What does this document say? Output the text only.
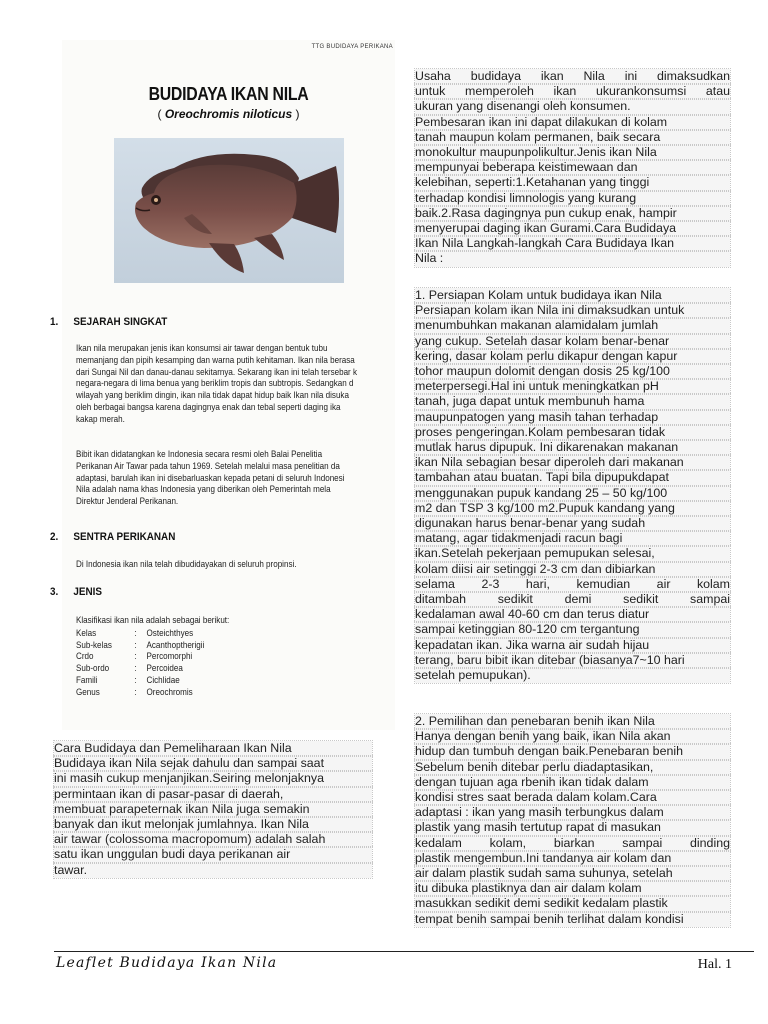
TTG BUDIDAYA PERIKANA
BUDIDAYA IKAN NILA
( Oreochromis niloticus )
1. SEJARAH SINGKAT
Ikan nila merupakan jenis ikan konsumsi air tawar dengan bentuk tubu
memanjang dan pipih kesamping dan warna putih kehitaman. Ikan nila berasa
dari Sungai Nil dan danau-danau sekitarnya. Sekarang ikan ini telah tersebar k
negara-negara di lima benua yang beriklim tropis dan subtropis. Sedangkan d
wilayah yang beriklim dingin, ikan nila tidak dapat hidup baik Ikan nila disuka
oleh berbagai bangsa karena dagingnya enak dan tebal seperti daging ika
kakap merah.
Bibit ikan didatangkan ke Indonesia secara resmi oleh Balai Penelitia
Perikanan Air Tawar pada tahun 1969. Setelah melalui masa penelitian da
adaptasi, barulah ikan ini disebarluaskan kepada petani di seluruh Indonesi
Nila adalah nama khas Indonesia yang diberikan oleh Pemerintah mela
Direktur Jenderal Perikanan.
2. SENTRA PERIKANAN
Di Indonesia ikan nila telah dibudidayakan di seluruh propinsi.
3. JENIS
Klasifikasi ikan nila adalah sebagai berikut:
Kelas	:	Osteichthyes
Sub-kelas	:	Acanthoptherigii
Crdo	:	Percomorphi
Sub-ordo	:	Percoidea
Famili	:	Cichlidae
Genus	:	Oreochromis
Cara Budidaya dan Pemeliharaan Ikan Nila
Budidaya ikan Nila sejak dahulu dan sampai saat
ini masih cukup menjanjikan.Seiring melonjaknya
permintaan ikan di pasar-pasar di daerah,
membuat parapeternak ikan Nila juga semakin
banyak dan ikut melonjak jumlahnya. Ikan Nila
air tawar (colossoma macropomum) adalah salah
satu ikan unggulan budi daya perikanan air
tawar.
Usaha budidaya ikan Nila ini dimaksudkan
untuk memperoleh ikan ukurankonsumsi atau
ukuran yang disenangi oleh konsumen.
Pembesaran ikan ini dapat dilakukan di kolam
tanah maupun kolam permanen, baik secara
monokultur maupunpolikultur.Jenis ikan Nila
mempunyai beberapa keistimewaan dan
kelebihan, seperti:1.Ketahanan yang tinggi
terhadap kondisi limnologis yang kurang
baik.2.Rasa dagingnya pun cukup enak, hampir
menyerupai daging ikan Gurami.Cara Budidaya
Ikan Nila Langkah-langkah Cara Budidaya Ikan
Nila :
1. Persiapan Kolam untuk budidaya ikan Nila
Persiapan kolam ikan Nila ini dimaksudkan untuk
menumbuhkan makanan alamidalam jumlah
yang cukup. Setelah dasar kolam benar-benar
kering, dasar kolam perlu dikapur dengan kapur
tohor maupun dolomit dengan dosis 25 kg/100
meterpersegi.Hal ini untuk meningkatkan pH
tanah, juga dapat untuk membunuh hama
maupunpatogen yang masih tahan terhadap
proses pengeringan.Kolam pembesaran tidak
mutlak harus dipupuk. Ini dikarenakan makanan
ikan Nila sebagian besar diperoleh dari makanan
tambahan atau buatan. Tapi bila dipupukdapat
menggunakan pupuk kandang 25 – 50 kg/100
m2 dan TSP 3 kg/100 m2.Pupuk kandang yang
digunakan harus benar-benar yang sudah
matang, agar tidakmenjadi racun bagi
ikan.Setelah pekerjaan pemupukan selesai,
kolam diisi air setinggi 2-3 cm dan dibiarkan
selama 2-3 hari, kemudian air kolam
ditambah sedikit demi sedikit sampai
kedalaman awal 40-60 cm dan terus diatur
sampai ketinggian 80-120 cm tergantung
kepadatan ikan. Jika warna air sudah hijau
terang, baru bibit ikan ditebar (biasanya7~10 hari
setelah pemupukan).
2. Pemilihan dan penebaran benih ikan Nila
Hanya dengan benih yang baik, ikan Nila akan
hidup dan tumbuh dengan baik.Penebaran benih
Sebelum benih ditebar perlu diadaptasikan,
dengan tujuan aga rbenih ikan tidak dalam
kondisi stres saat berada dalam kolam.Cara
adaptasi : ikan yang masih terbungkus dalam
plastik yang masih tertutup rapat di masukan
kedalam kolam, biarkan sampai dinding
plastik mengembun.Ini tandanya air kolam dan
air dalam plastik sudah sama suhunya, setelah
itu dibuka plastiknya dan air dalam kolam
masukkan sedikit demi sedikit kedalam plastik
tempat benih sampai benih terlihat dalam kondisi
Leaflet Budidaya Ikan Nila	Hal. 1
